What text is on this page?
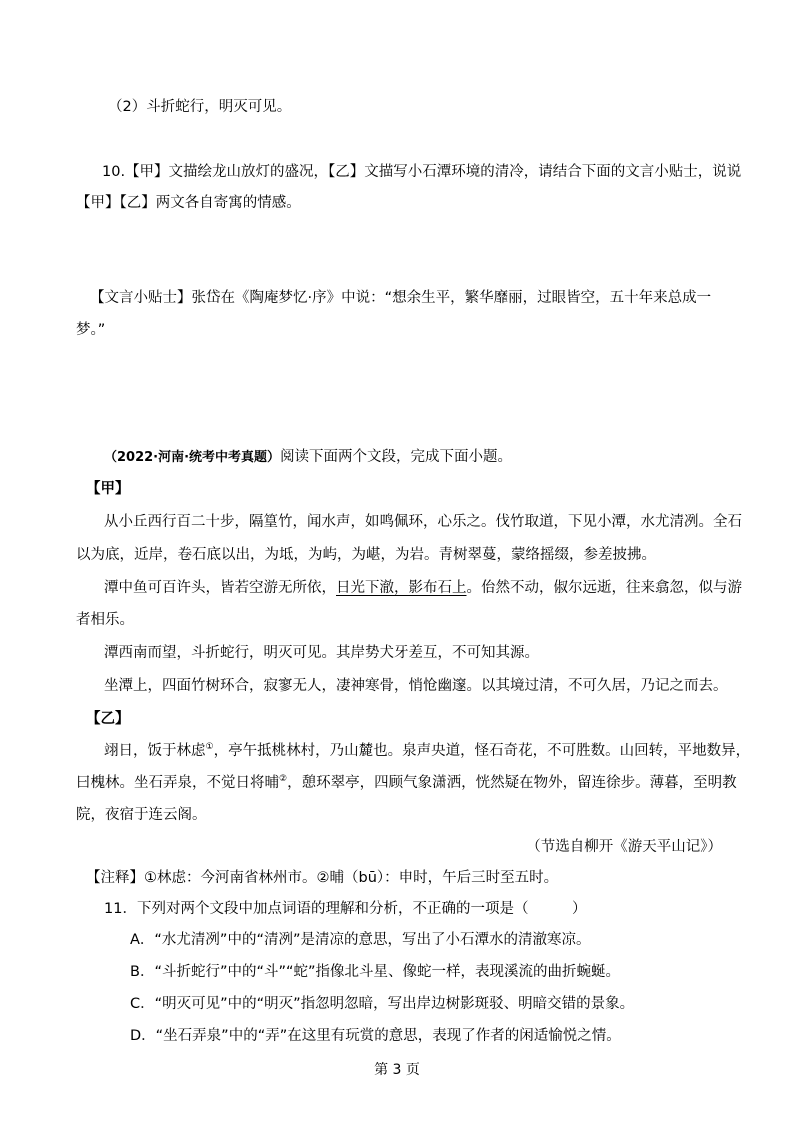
（2）斗折蛇行，明灭可见。
10.【甲】文描绘龙山放灯的盛况，【乙】文描写小石潭环境的清冷，请结合下面的文言小贴士，说说
【甲】【乙】两文各自寄寓的情感。
【文言小贴士】张岱在《陶庵梦忆·序》中说：“想余生平，繁华靡丽，过眼皆空，五十年来总成一
梦。”
（2022·河南·统考中考真题）阅读下面两个文段，完成下面小题。
【甲】
从小丘西行百二十步，隔篁竹，闻水声，如鸣佩环，心乐之。伐竹取道，下见小潭，水尤清冽。全石
以为底，近岸，卷石底以出，为坻，为屿，为嵁，为岩。青树翠蔓，蒙络摇缀，参差披拂。
潭中鱼可百许头，皆若空游无所依，日光下澈，影布石上。佁然不动，俶尔远逝，往来翕忽，似与游
者相乐。
潭西南而望，斗折蛇行，明灭可见。其岸势犬牙差互，不可知其源。
坐潭上，四面竹树环合，寂寥无人，凄神寒骨，悄怆幽邃。以其境过清，不可久居，乃记之而去。
【乙】
翊日，饭于林虑①，亭午抵桃林村，乃山麓也。泉声央道，怪石奇花，不可胜数。山回转，平地数异，
曰槐林。坐石弄泉，不觉日将晡②，憩环翠亭，四顾气象潇洒，恍然疑在物外，留连徐步。薄暮，至明教
院，夜宿于连云阁。
（节选自柳开《游天平山记》）
【注释】①林虑：今河南省林州市。②晡（bū）：申时，午后三时至五时。
11．下列对两个文段中加点词语的理解和分析，不正确的一项是（　　　）
A．“水尤清冽”中的“清冽”是清凉的意思，写出了小石潭水的清澈寒凉。
B．“斗折蛇行”中的“斗”“蛇”指像北斗星、像蛇一样，表现溪流的曲折蜿蜒。
C．“明灭可见”中的“明灭”指忽明忽暗，写出岸边树影斑驳、明暗交错的景象。
D．“坐石弄泉”中的“弄”在这里有玩赏的意思，表现了作者的闲适愉悦之情。
第 3 页
